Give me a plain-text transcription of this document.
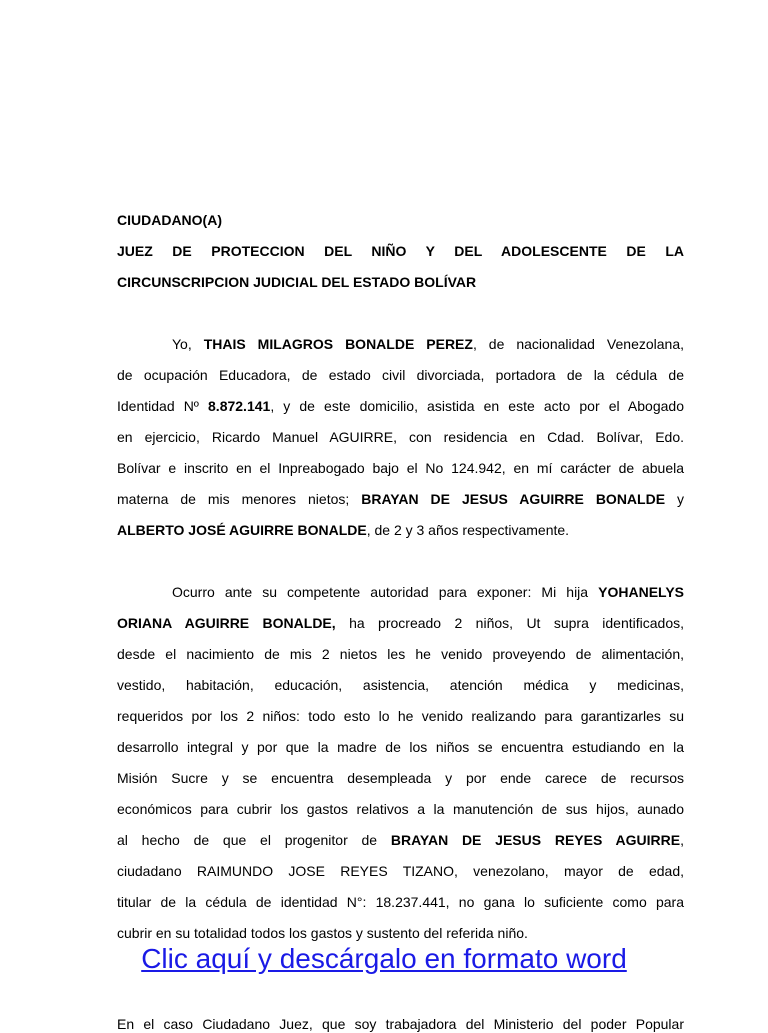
CIUDADANO(A)
JUEZ DE PROTECCION DEL NIÑO Y DEL ADOLESCENTE DE LA
CIRCUNSCRIPCION JUDICIAL DEL ESTADO BOLÍVAR
Yo, THAIS MILAGROS BONALDE PEREZ, de nacionalidad Venezolana,
de ocupación Educadora, de estado civil divorciada, portadora de la cédula de
Identidad Nº 8.872.141, y de este domicilio, asistida en este acto por el Abogado
en ejercicio, Ricardo Manuel AGUIRRE, con residencia en Cdad. Bolívar, Edo.
Bolívar e inscrito en el Inpreabogado bajo el No 124.942, en mí carácter de abuela
materna de mis menores nietos; BRAYAN DE JESUS AGUIRRE BONALDE y
ALBERTO JOSÉ AGUIRRE BONALDE, de 2 y 3 años respectivamente.
Ocurro ante su competente autoridad para exponer: Mi hija YOHANELYS
ORIANA AGUIRRE BONALDE, ha procreado 2 niños, Ut supra identificados,
desde el nacimiento de mis 2 nietos les he venido proveyendo de alimentación,
vestido, habitación, educación, asistencia, atención médica y medicinas,
requeridos por los 2 niños: todo esto lo he venido realizando para garantizarles su
desarrollo integral y por que la madre de los niños se encuentra estudiando en la
Misión Sucre y se encuentra desempleada y por ende carece de recursos
económicos para cubrir los gastos relativos a la manutención de sus hijos, aunado
al hecho de que el progenitor de BRAYAN DE JESUS REYES AGUIRRE,
ciudadano RAIMUNDO JOSE REYES TIZANO, venezolano, mayor de edad,
titular de la cédula de identidad N°: 18.237.441, no gana lo suficiente como para
cubrir en su totalidad todos los gastos y sustento del referida niño.
Clic aquí y descárgalo en formato word
En el caso Ciudadano Juez, que soy trabajadora del Ministerio del poder Popular
